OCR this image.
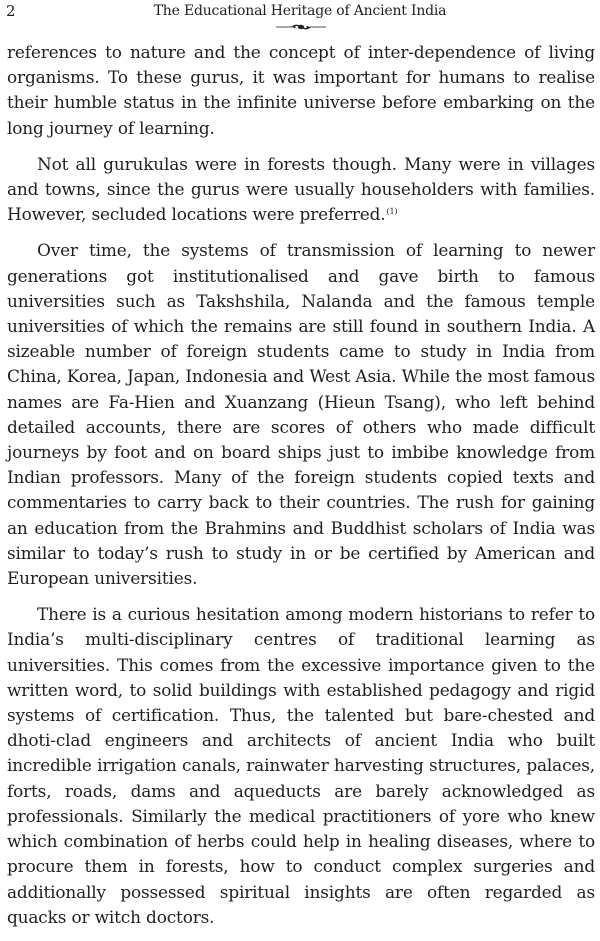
2	The Educational Heritage of Ancient India

references to nature and the concept of inter-dependence of living organisms. To these gurus, it was important for humans to realise their humble status in the infinite universe before embarking on the long journey of learning.

Not all gurukulas were in forests though. Many were in villages and towns, since the gurus were usually householders with families. However, secluded locations were preferred.$^{(1)}$

Over time, the systems of transmission of learning to newer generations got institutionalised and gave birth to famous universities such as Takshshila, Nalanda and the famous temple universities of which the remains are still found in southern India. A sizeable number of foreign students came to study in India from China, Korea, Japan, Indonesia and West Asia. While the most famous names are Fa-Hien and Xuanzang (Hieun Tsang), who left behind detailed accounts, there are scores of others who made difficult journeys by foot and on board ships just to imbibe knowledge from Indian professors. Many of the foreign students copied texts and commentaries to carry back to their countries. The rush for gaining an education from the Brahmins and Buddhist scholars of India was similar to today’s rush to study in or be certified by American and European universities.

There is a curious hesitation among modern historians to refer to India’s multi-disciplinary centres of traditional learning as universities. This comes from the excessive importance given to the written word, to solid buildings with established pedagogy and rigid systems of certification. Thus, the talented but bare-chested and dhoti-clad engineers and architects of ancient India who built incredible irrigation canals, rainwater harvesting structures, palaces, forts, roads, dams and aqueducts are barely acknowledged as professionals. Similarly the medical practitioners of yore who knew which combination of herbs could help in healing diseases, where to procure them in forests, how to conduct complex surgeries and additionally possessed spiritual insights are often regarded as quacks or witch doctors.
